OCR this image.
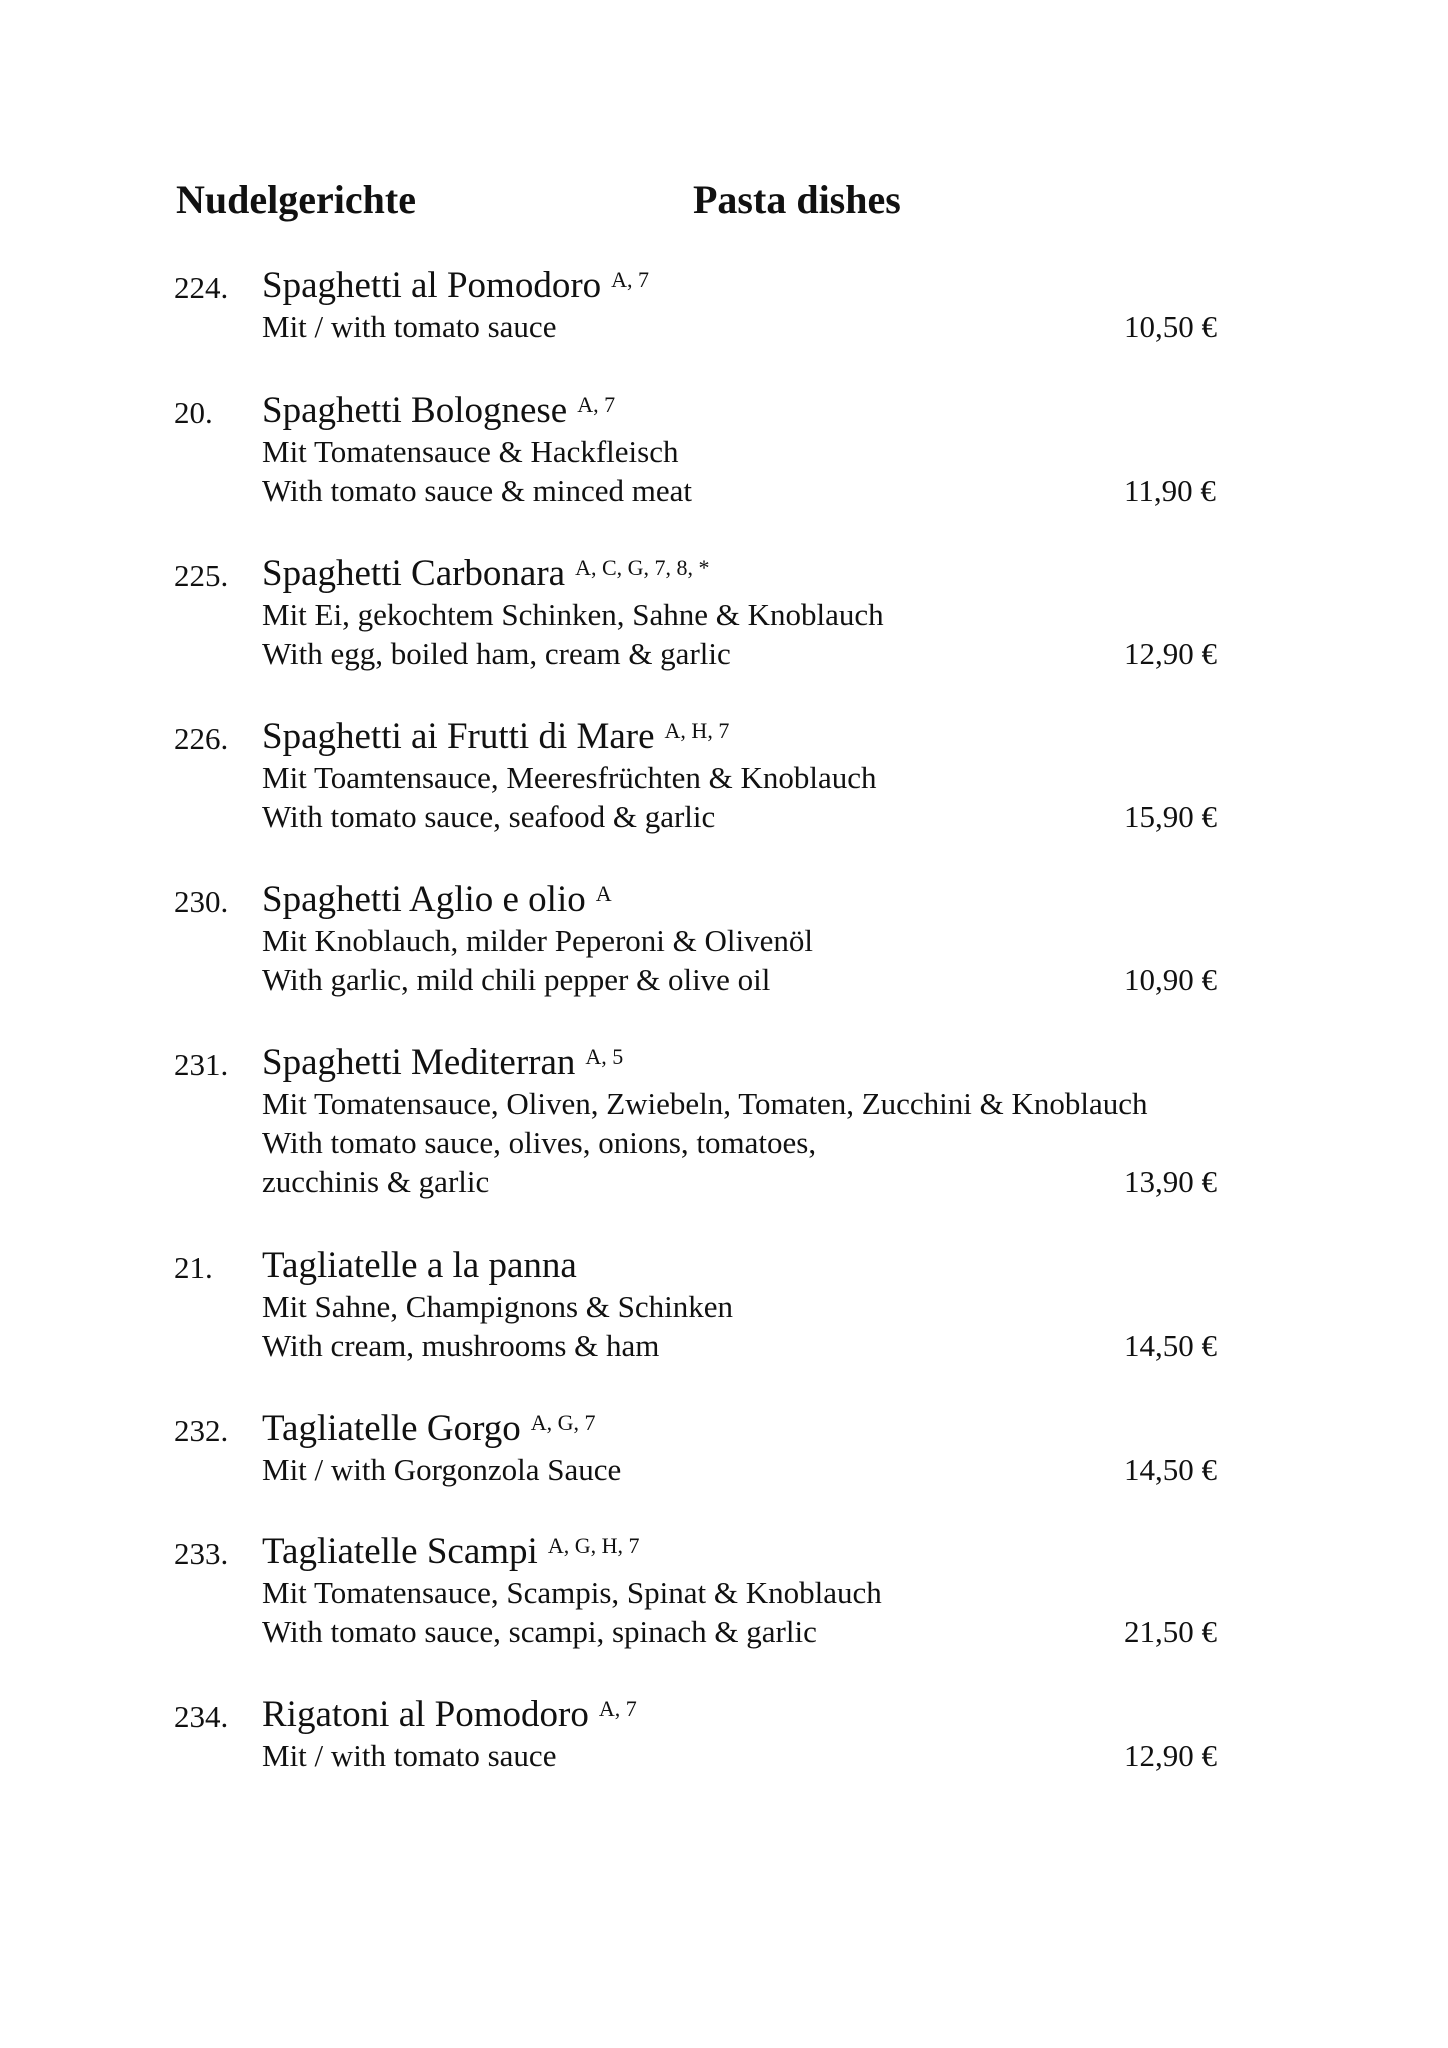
Nudelgerichte	Pasta dishes
224. Spaghetti al Pomodoro $^{A, 7}$
Mit / with tomato sauce	10,50 €
20. Spaghetti Bolognese $^{A, 7}$
Mit Tomatensauce & Hackfleisch
With tomato sauce & minced meat	11,90 €
225. Spaghetti Carbonara $^{A, C, G, 7, 8, *}$
Mit Ei, gekochtem Schinken, Sahne & Knoblauch
With egg, boiled ham, cream & garlic	12,90 €
226. Spaghetti ai Frutti di Mare $^{A, H, 7}$
Mit Toamtensauce, Meeresfrüchten & Knoblauch
With tomato sauce, seafood & garlic	15,90 €
230. Spaghetti Aglio e olio $^A$
Mit Knoblauch, milder Peperoni & Olivenöl
With garlic, mild chili pepper & olive oil	10,90 €
231. Spaghetti Mediterran $^{A, 5}$
Mit Tomatensauce, Oliven, Zwiebeln, Tomaten, Zucchini & Knoblauch
With tomato sauce, olives, onions, tomatoes,
zucchinis & garlic	13,90 €
21. Tagliatelle a la panna
Mit Sahne, Champignons & Schinken
With cream, mushrooms & ham	14,50 €
232. Tagliatelle Gorgo $^{A, G, 7}$
Mit / with Gorgonzola Sauce	14,50 €
233. Tagliatelle Scampi $^{A, G, H, 7}$
Mit Tomatensauce, Scampis, Spinat & Knoblauch
With tomato sauce, scampi, spinach & garlic	21,50 €
234. Rigatoni al Pomodoro $^{A, 7}$
Mit / with tomato sauce	12,90 €
